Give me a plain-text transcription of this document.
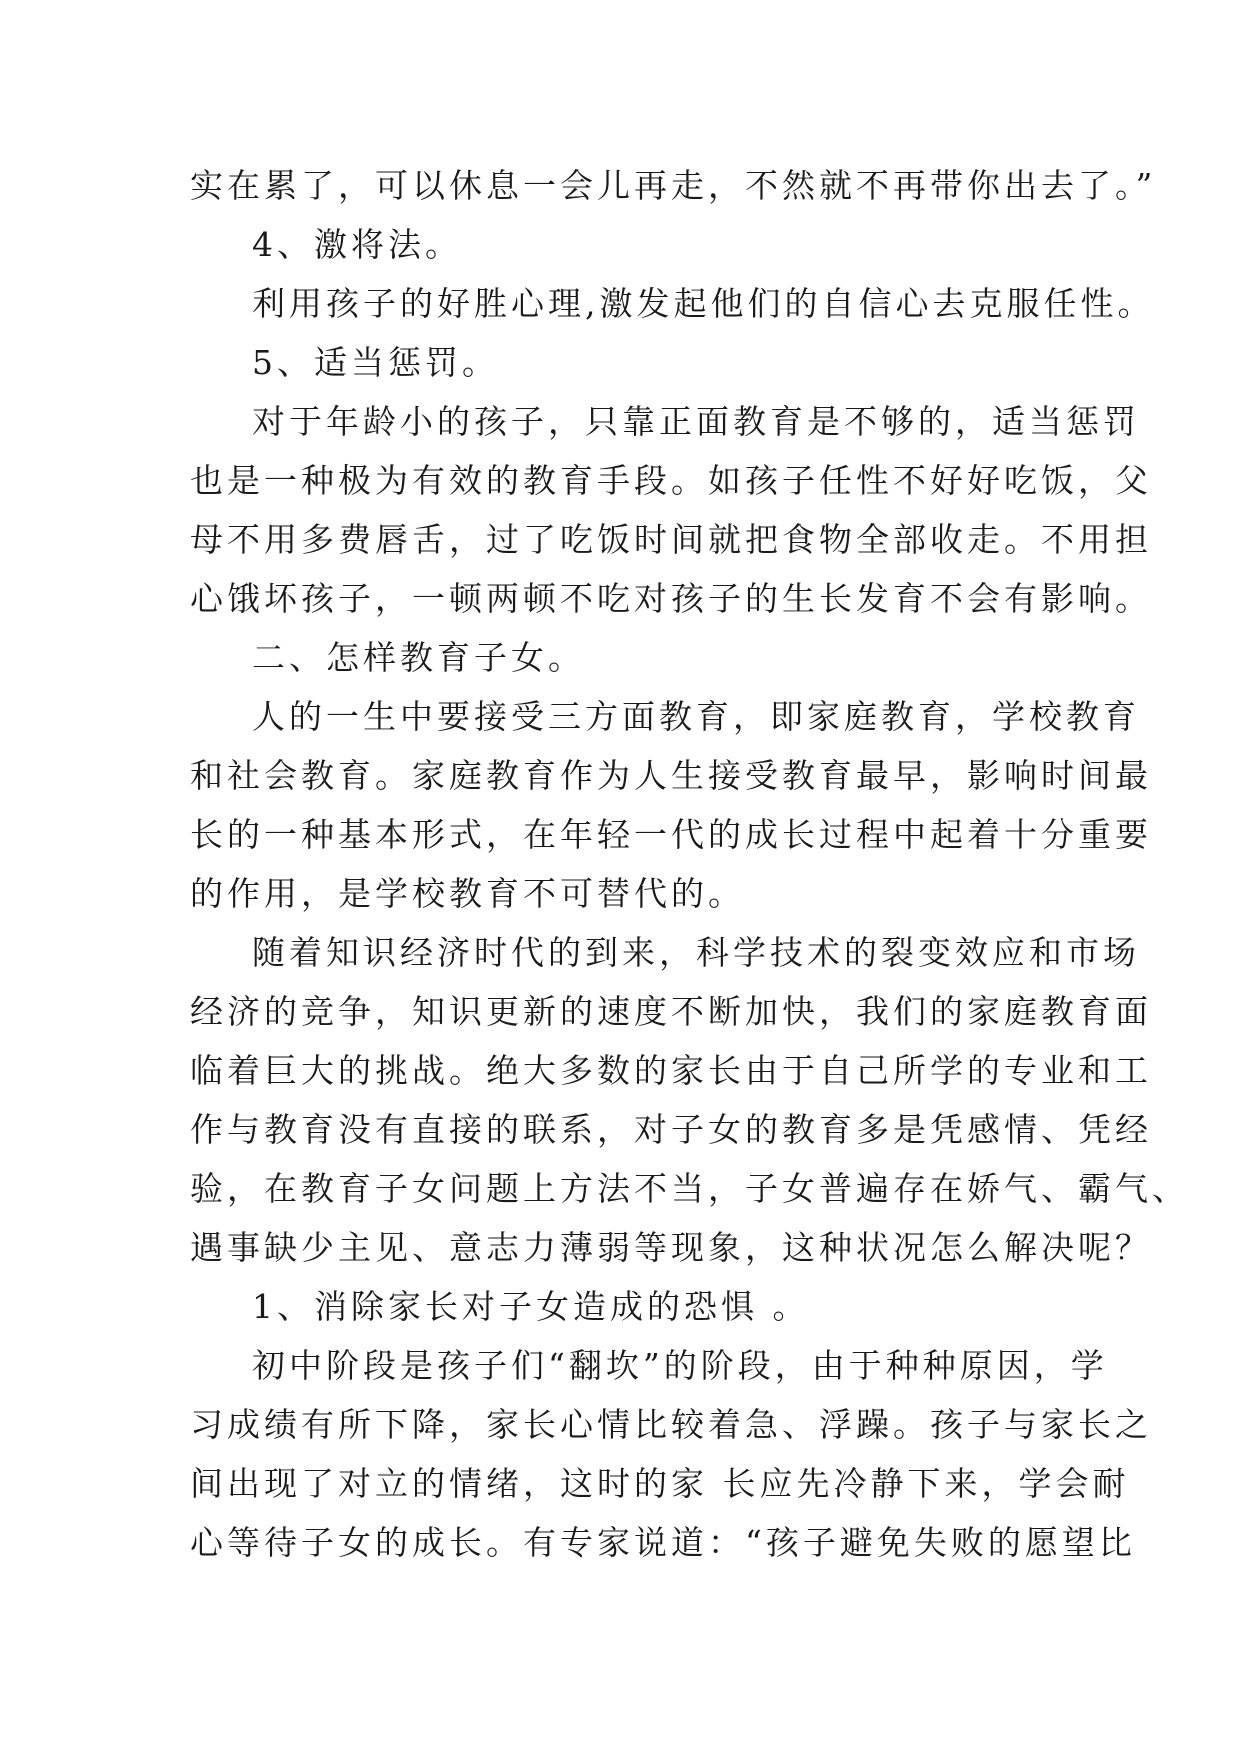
实在累了，可以休息一会儿再走，不然就不再带你出去了。”
4、激将法。
利用孩子的好胜心理,激发起他们的自信心去克服任性。
5、适当惩罚。
对于年龄小的孩子，只靠正面教育是不够的，适当惩罚
也是一种极为有效的教育手段。如孩子任性不好好吃饭，父
母不用多费唇舌，过了吃饭时间就把食物全部收走。不用担
心饿坏孩子，一顿两顿不吃对孩子的生长发育不会有影响。
二、怎样教育子女。
人的一生中要接受三方面教育，即家庭教育，学校教育
和社会教育。家庭教育作为人生接受教育最早，影响时间最
长的一种基本形式，在年轻一代的成长过程中起着十分重要
的作用，是学校教育不可替代的。
随着知识经济时代的到来，科学技术的裂变效应和市场
经济的竞争，知识更新的速度不断加快，我们的家庭教育面
临着巨大的挑战。绝大多数的家长由于自己所学的专业和工
作与教育没有直接的联系，对子女的教育多是凭感情、凭经
验，在教育子女问题上方法不当，子女普遍存在娇气、霸气、
遇事缺少主见、意志力薄弱等现象，这种状况怎么解决呢？
1、消除家长对子女造成的恐惧 。
初中阶段是孩子们“翻坎”的阶段，由于种种原因，学
习成绩有所下降，家长心情比较着急、浮躁。孩子与家长之
间出现了对立的情绪，这时的家 长应先冷静下来，学会耐
心等待子女的成长。有专家说道：“孩子避免失败的愿望比
